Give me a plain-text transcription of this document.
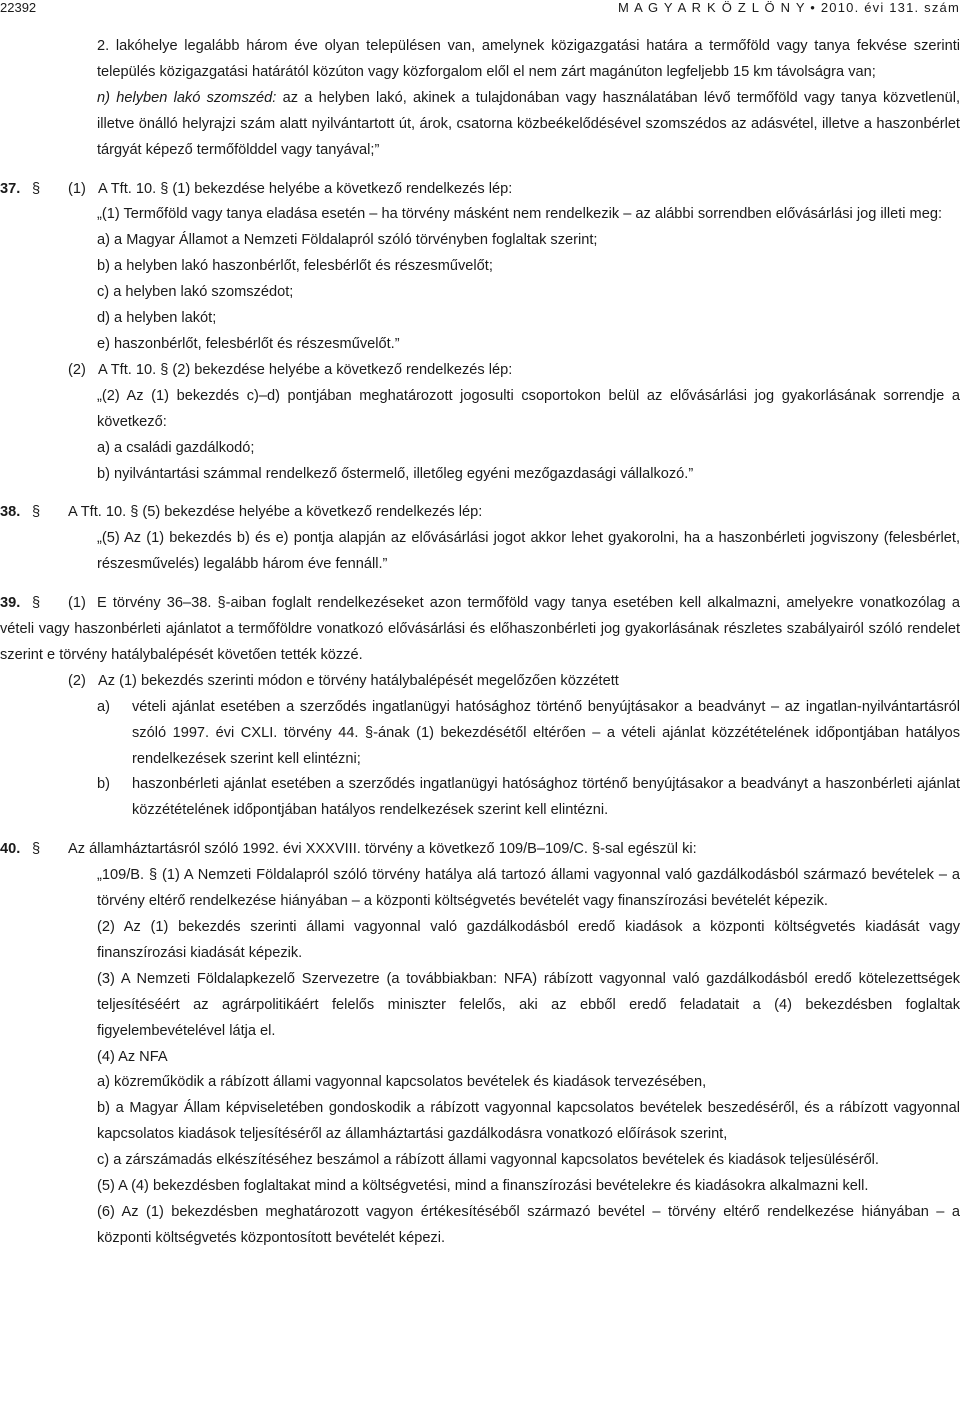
22392	M A G Y A R K Ö Z L Ö N Y • 2010. évi 131. szám

2. lakóhelye legalább három éve olyan településen van, amelynek közigazgatási határa a termőföld vagy tanya fekvése szerinti település közigazgatási határától közúton vagy közforgalom elől el nem zárt magánúton legfeljebb 15 km távolságra van;

n) helyben lakó szomszéd: az a helyben lakó, akinek a tulajdonában vagy használatában lévő termőföld vagy tanya közvetlenül, illetve önálló helyrajzi szám alatt nyilvántartott út, árok, csatorna közbeékelődésével szomszédos az adásvétel, illetve a haszonbérlet tárgyát képező termőfölddel vagy tanyával;”

37. §	(1) A Tft. 10. § (1) bekezdése helyébe a következő rendelkezés lép:

„(1) Termőföld vagy tanya eladása esetén – ha törvény másként nem rendelkezik – az alábbi sorrendben elővásárlási jog illeti meg:

a) a Magyar Államot a Nemzeti Földalapról szóló törvényben foglaltak szerint;

b) a helyben lakó haszonbérlőt, felesbérlőt és részesművelőt;

c) a helyben lakó szomszédot;

d) a helyben lakót;

e) haszonbérlőt, felesbérlőt és részesművelőt.”

(2) A Tft. 10. § (2) bekezdése helyébe a következő rendelkezés lép:

„(2) Az (1) bekezdés c)–d) pontjában meghatározott jogosulti csoportokon belül az elővásárlási jog gyakorlásának sorrendje a következő:

a) a családi gazdálkodó;

b) nyilvántartási számmal rendelkező őstermelő, illetőleg egyéni mezőgazdasági vállalkozó.”

38. §	A Tft. 10. § (5) bekezdése helyébe a következő rendelkezés lép:

„(5) Az (1) bekezdés b) és e) pontja alapján az elővásárlási jogot akkor lehet gyakorolni, ha a haszonbérleti jogviszony (felesbérlet, részesművelés) legalább három éve fennáll.”

39. §	(1) E törvény 36–38. §-aiban foglalt rendelkezéseket azon termőföld vagy tanya esetében kell alkalmazni, amelyekre vonatkozólag a vételi vagy haszonbérleti ajánlatot a termőföldre vonatkozó elővásárlási és előhaszonbérleti jog gyakorlásának részletes szabályairól szóló rendelet szerint e törvény hatálybalépését követően tették közzé.

(2) Az (1) bekezdés szerinti módon e törvény hatálybalépését megelőzően közzétett
a)	vételi ajánlat esetében a szerződés ingatlanügyi hatósághoz történő benyújtásakor a beadványt – az ingatlan-nyilvántartásról szóló 1997. évi CXLI. törvény 44. §-ának (1) bekezdésétől eltérően – a vételi ajánlat közzétételének időpontjában hatályos rendelkezések szerint kell elintézni;
b)	haszonbérleti ajánlat esetében a szerződés ingatlanügyi hatósághoz történő benyújtásakor a beadványt a haszonbérleti ajánlat közzétételének időpontjában hatályos rendelkezések szerint kell elintézni.
40. §	Az államháztartásról szóló 1992. évi XXXVIII. törvény a következő 109/B–109/C. §-sal egészül ki:

„109/B. § (1) A Nemzeti Földalapról szóló törvény hatálya alá tartozó állami vagyonnal való gazdálkodásból származó bevételek – a törvény eltérő rendelkezése hiányában – a központi költségvetés bevételét vagy finanszírozási bevételét képezik.

(2) Az (1) bekezdés szerinti állami vagyonnal való gazdálkodásból eredő kiadások a központi költségvetés kiadását vagy finanszírozási kiadását képezik.

(3) A Nemzeti Földalapkezelő Szervezetre (a továbbiakban: NFA) rábízott vagyonnal való gazdálkodásból eredő kötelezettségek teljesítéséért az agrárpolitikáért felelős miniszter felelős, aki az ebből eredő feladatait a (4) bekezdésben foglaltak figyelembevételével látja el.

(4) Az NFA

a) közreműködik a rábízott állami vagyonnal kapcsolatos bevételek és kiadások tervezésében,

b) a Magyar Állam képviseletében gondoskodik a rábízott vagyonnal kapcsolatos bevételek beszedéséről, és a rábízott vagyonnal kapcsolatos kiadások teljesítéséről az államháztartási gazdálkodásra vonatkozó előírások szerint,

c) a zárszámadás elkészítéséhez beszámol a rábízott állami vagyonnal kapcsolatos bevételek és kiadások teljesüléséről.

(5) A (4) bekezdésben foglaltakat mind a költségvetési, mind a finanszírozási bevételekre és kiadásokra alkalmazni kell.

(6) Az (1) bekezdésben meghatározott vagyon értékesítéséből származó bevétel – törvény eltérő rendelkezése hiányában – a központi költségvetés központosított bevételét képezi.
